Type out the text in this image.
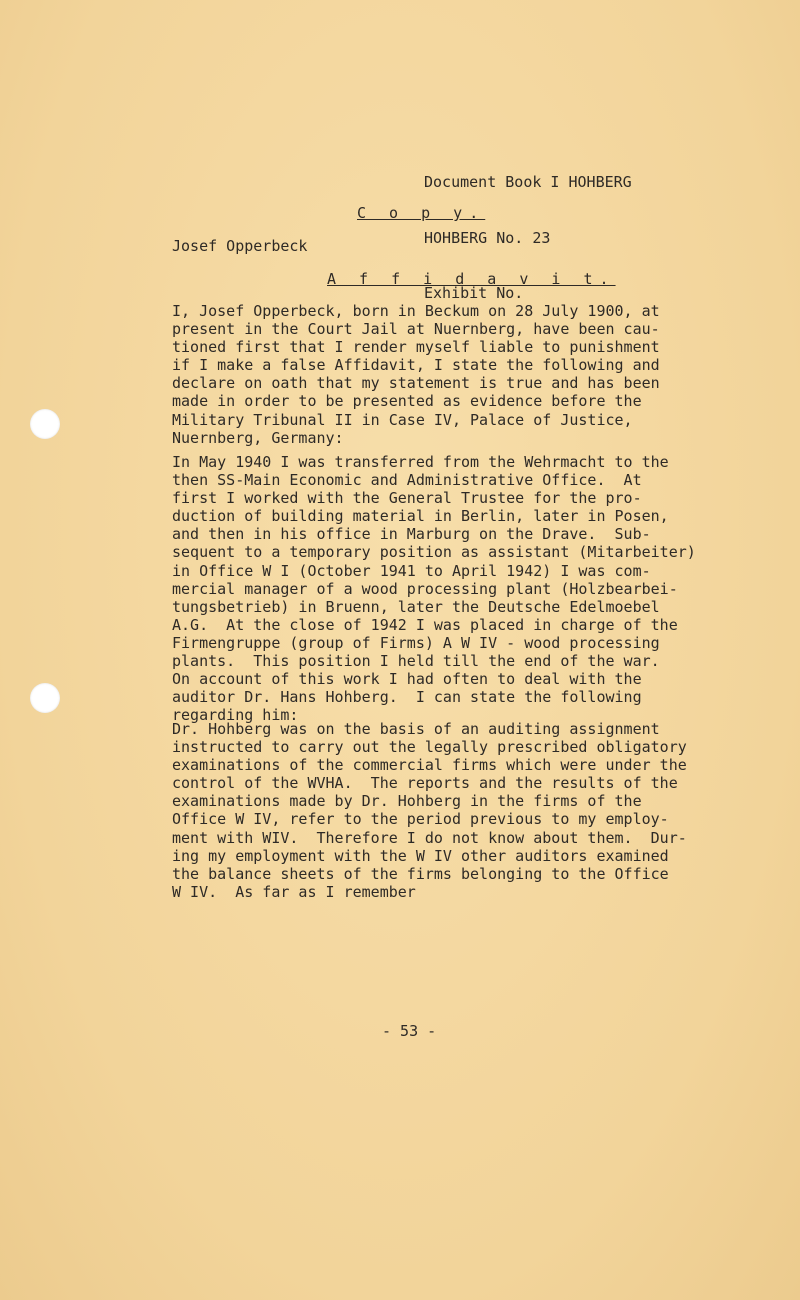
Document Book I HOHBERG

HOHBERG No. 23

Exhibit No.

C o p y.
Josef Opperbeck
A f f i d a v i t.
I, Josef Opperbeck, born in Beckum on 28 July 1900, at
present in the Court Jail at Nuernberg, have been cau-
tioned first that I render myself liable to punishment
if I make a false Affidavit, I state the following and
declare on oath that my statement is true and has been
made in order to be presented as evidence before the
Military Tribunal II in Case IV, Palace of Justice,
Nuernberg, Germany:
In May 1940 I was transferred from the Wehrmacht to the
then SS-Main Economic and Administrative Office.  At
first I worked with the General Trustee for the pro-
duction of building material in Berlin, later in Posen,
and then in his office in Marburg on the Drave.  Sub-
sequent to a temporary position as assistant (Mitarbeiter)
in Office W I (October 1941 to April 1942) I was com-
mercial manager of a wood processing plant (Holzbearbei-
tungsbetrieb) in Bruenn, later the Deutsche Edelmoebel
A.G.  At the close of 1942 I was placed in charge of the
Firmengruppe (group of Firms) A W IV - wood processing
plants.  This position I held till the end of the war.
On account of this work I had often to deal with the
auditor Dr. Hans Hohberg.  I can state the following
regarding him:
Dr. Hohberg was on the basis of an auditing assignment
instructed to carry out the legally prescribed obligatory
examinations of the commercial firms which were under the
control of the WVHA.  The reports and the results of the
examinations made by Dr. Hohberg in the firms of the
Office W IV, refer to the period previous to my employ-
ment with WIV.  Therefore I do not know about them.  Dur-
ing my employment with the W IV other auditors examined
the balance sheets of the firms belonging to the Office
W IV.  As far as I remember
- 53 -
